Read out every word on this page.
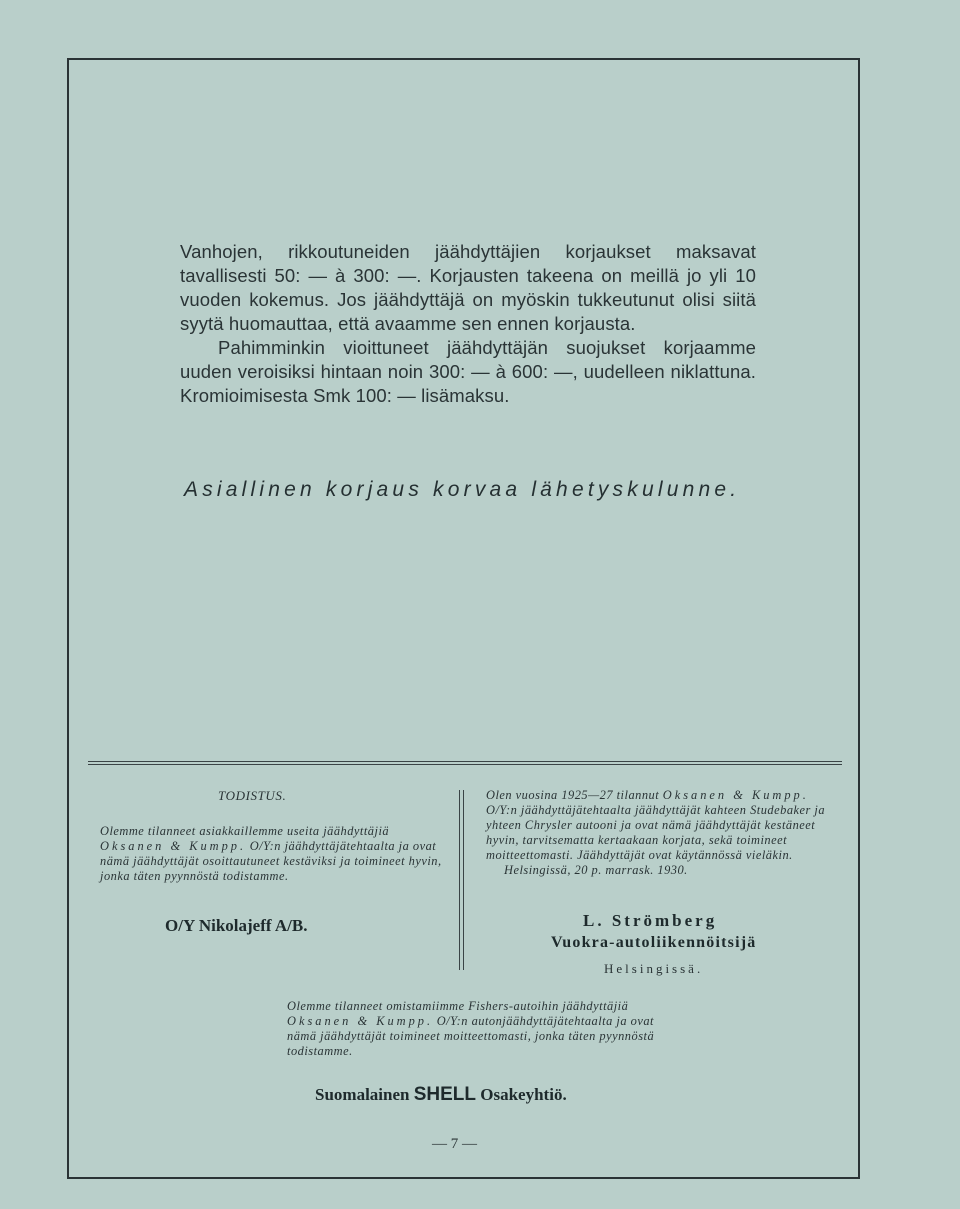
Vanhojen, rikkoutuneiden jäähdyttäjien korjaukset maksavat tavallisesti 50: — à 300: —. Korjausten takeena on meillä jo yli 10 vuoden kokemus. Jos jäähdyttäjä on myöskin tukkeutunut olisi siitä syytä huomauttaa, että avaamme sen ennen korjausta.

Pahimminkin vioittuneet jäähdyttäjän suojukset korjaamme uuden veroisiksi hintaan noin 300: — à 600: —, uudelleen niklattuna. Kromioimisesta Smk 100: — lisämaksu.

Asiallinen korjaus korvaa lähetyskulunne.
TODISTUS.
Olemme tilanneet asiakkaillemme useita jäähdyttäjiä Oksanen & Kumpp. O/Y:n jäähdyttäjätehtaalta ja ovat nämä jäähdyttäjät osoittautuneet kestäviksi ja toimineet hyvin, jonka täten pyynnöstä todistamme.
O/Y Nikolajeff A/B.
Olen vuosina 1925—27 tilannut Oksanen & Kumpp. O/Y:n jäähdyttäjätehtaalta jäähdyttäjät kahteen Studebaker ja yhteen Chrysler autooni ja ovat nämä jäähdyttäjät kestäneet hyvin, tarvitsematta kertaakaan korjata, sekä toimineet moitteettomasti. Jäähdyttäjät ovat käytännössä vieläkin.
Helsingissä, 20 p. marrask. 1930.
L. Strömberg
Vuokra-autoliikennöitsijä
Helsingissä.
Olemme tilanneet omistamiimme Fishers-autoihin jäähdyttäjiä Oksanen & Kumpp. O/Y:n autonjäähdyttäjätehtaalta ja ovat nämä jäähdyttäjät toimineet moitteettomasti, jonka täten pyynnöstä todistamme.
Suomalainen SHELL Osakeyhtiö.
— 7 —
